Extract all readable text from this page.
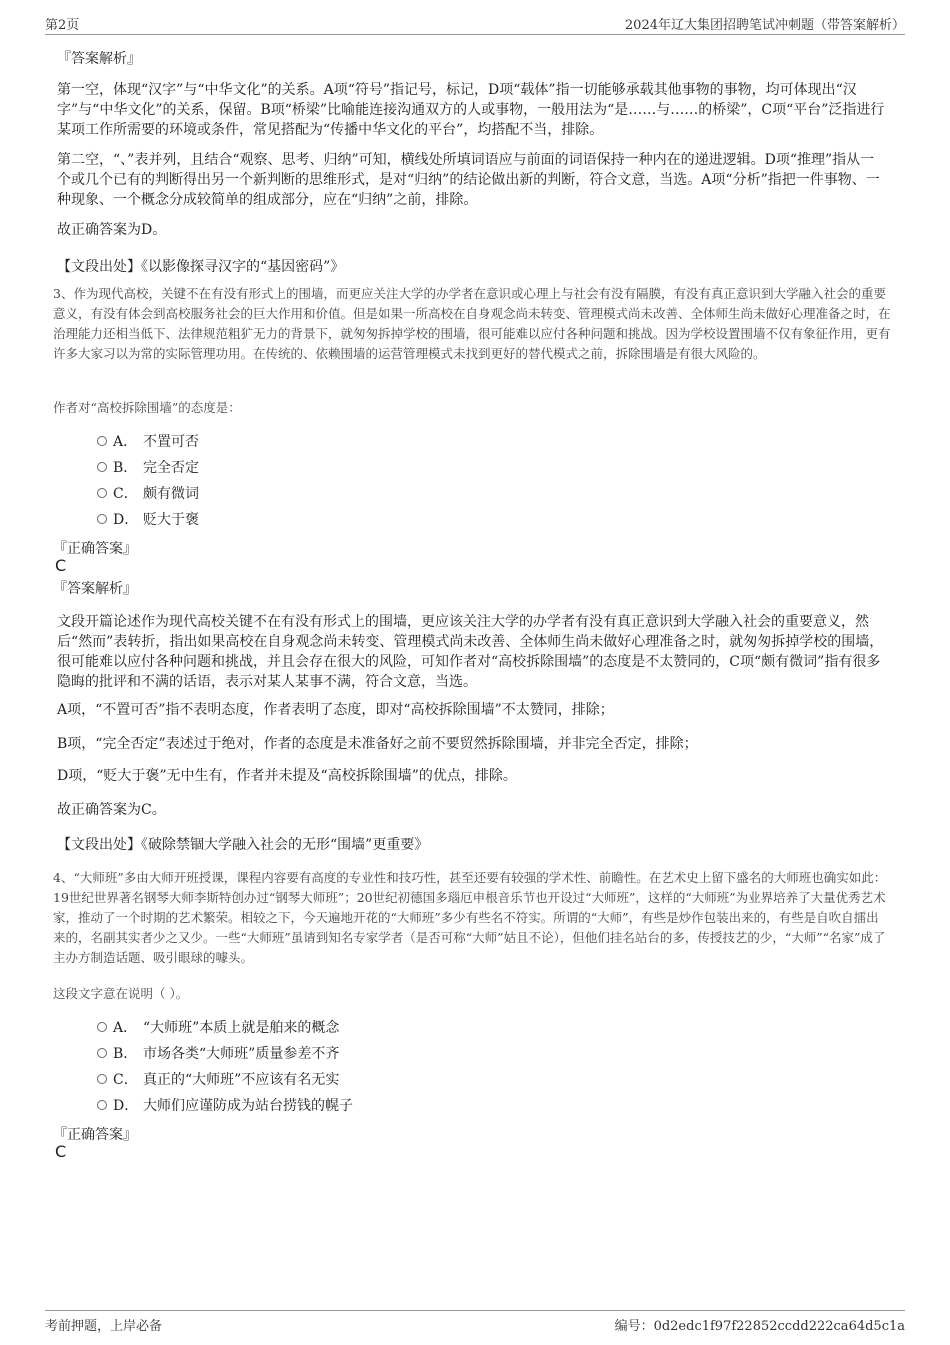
第2页	2024年辽大集团招聘笔试冲刺题（带答案解析）
『答案解析』
第一空，体现“汉字”与“中华文化”的关系。A项“符号”指记号，标记，D项“载体”指一切能够承载其他事物的事物，均可体现出“汉字”与“中华文化”的关系，保留。B项“桥梁”比喻能连接沟通双方的人或事物，一般用法为“是……与……的桥梁”，C项“平台”泛指进行某项工作所需要的环境或条件，常见搭配为“传播中华文化的平台”，均搭配不当，排除。
第二空，“、”表并列，且结合“观察、思考、归纳”可知，横线处所填词语应与前面的词语保持一种内在的递进逻辑。D项“推理”指从一个或几个已有的判断得出另一个新判断的思维形式，是对“归纳”的结论做出新的判断，符合文意，当选。A项“分析”指把一件事物、一种现象、一个概念分成较简单的组成部分，应在“归纳”之前，排除。
故正确答案为D。
【文段出处】《以影像探寻汉字的“基因密码”》
3、作为现代高校，关键不在有没有形式上的围墙，而更应关注大学的办学者在意识或心理上与社会有没有隔膜，有没有真正意识到大学融入社会的重要意义，有没有体会到高校服务社会的巨大作用和价值。但是如果一所高校在自身观念尚未转变、管理模式尚未改善、全体师生尚未做好心理准备之时，在治理能力还相当低下、法律规范粗犷无力的背景下，就匆匆拆掉学校的围墙，很可能难以应付各种问题和挑战。因为学校设置围墙不仅有象征作用，更有许多大家习以为常的实际管理功用。在传统的、依赖围墙的运营管理模式未找到更好的替代模式之前，拆除围墙是有很大风险的。
作者对“高校拆除围墙”的态度是：
A． 不置可否
B． 完全否定
C． 颇有微词
D． 贬大于褒
『正确答案』
C
『答案解析』
文段开篇论述作为现代高校关键不在有没有形式上的围墙，更应该关注大学的办学者有没有真正意识到大学融入社会的重要意义，然后“然而”表转折，指出如果高校在自身观念尚未转变、管理模式尚未改善、全体师生尚未做好心理准备之时，就匆匆拆掉学校的围墙，很可能难以应付各种问题和挑战，并且会存在很大的风险，可知作者对“高校拆除围墙”的态度是不太赞同的，C项“颇有微词”指有很多隐晦的批评和不满的话语，表示对某人某事不满，符合文意，当选。
A项，“不置可否”指不表明态度，作者表明了态度，即对“高校拆除围墙”不太赞同，排除；
B项，“完全否定”表述过于绝对，作者的态度是未准备好之前不要贸然拆除围墙，并非完全否定，排除；
D项，“贬大于褒”无中生有，作者并未提及“高校拆除围墙”的优点，排除。
故正确答案为C。
【文段出处】《破除禁锢大学融入社会的无形“围墙”更重要》
4、“大师班”多由大师开班授课，课程内容要有高度的专业性和技巧性，甚至还要有较强的学术性、前瞻性。在艺术史上留下盛名的大师班也确实如此：19世纪世界著名钢琴大师李斯特创办过“钢琴大师班”；20世纪初德国多瑙厄申根音乐节也开设过“大师班”，这样的“大师班”为业界培养了大量优秀艺术家，推动了一个时期的艺术繁荣。相较之下，今天遍地开花的“大师班”多少有些名不符实。所谓的“大师”，有些是炒作包装出来的，有些是自吹自擂出来的，名副其实者少之又少。一些“大师班”虽请到知名专家学者（是否可称“大师”姑且不论），但他们挂名站台的多，传授技艺的少，“大师”“名家”成了主办方制造话题、吸引眼球的噱头。
这段文字意在说明（ ）。
A． “大师班”本质上就是舶来的概念
B． 市场各类“大师班”质量参差不齐
C． 真正的“大师班”不应该有名无实
D． 大师们应谨防成为站台捞钱的幌子
『正确答案』
C
考前押题，上岸必备	编号：0d2edc1f97f22852ccdd222ca64d5c1a
